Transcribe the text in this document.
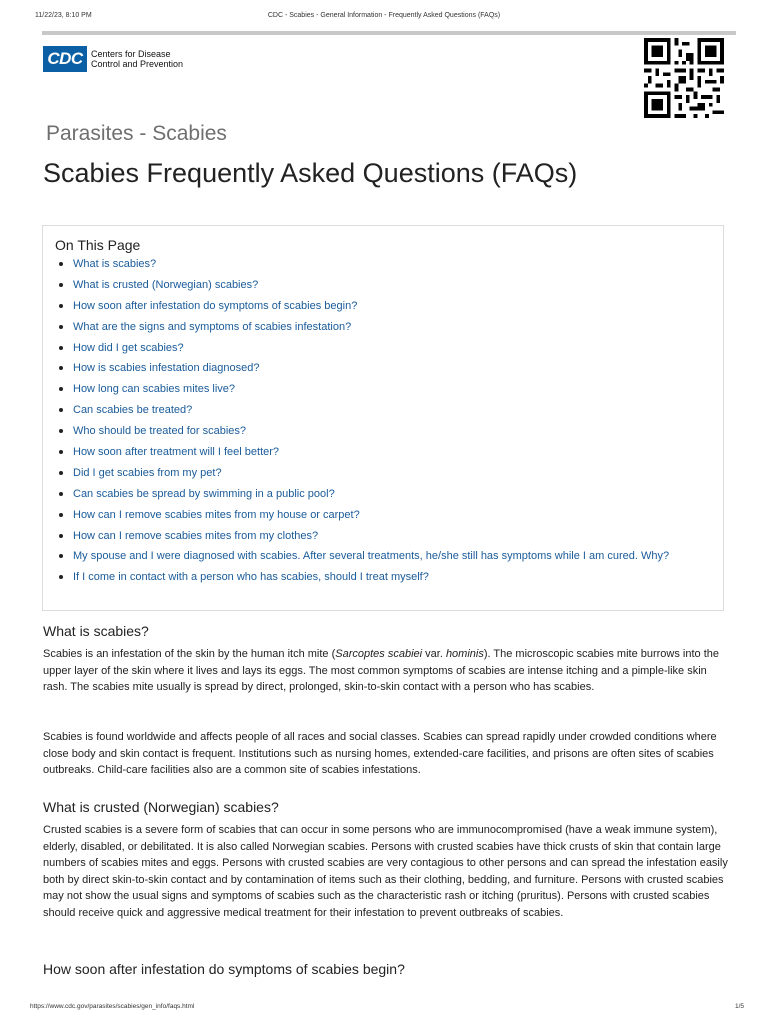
11/22/23, 8:10 PM	CDC - Scabies - General Information - Frequently Asked Questions (FAQs)
CDC Centers for Disease
Control and Prevention
Parasites - Scabies
Scabies Frequently Asked Questions (FAQs)
On This Page
What is scabies?
What is crusted (Norwegian) scabies?
How soon after infestation do symptoms of scabies begin?
What are the signs and symptoms of scabies infestation?
How did I get scabies?
How is scabies infestation diagnosed?
How long can scabies mites live?
Can scabies be treated?
Who should be treated for scabies?
How soon after treatment will I feel better?
Did I get scabies from my pet?
Can scabies be spread by swimming in a public pool?
How can I remove scabies mites from my house or carpet?
How can I remove scabies mites from my clothes?
My spouse and I were diagnosed with scabies. After several treatments, he/she still has symptoms while I am cured. Why?
If I come in contact with a person who has scabies, should I treat myself?
What is scabies?

Scabies is an infestation of the skin by the human itch mite (Sarcoptes scabiei var. hominis). The microscopic scabies mite burrows into the upper layer of the skin where it lives and lays its eggs. The most common symptoms of scabies are intense itching and a pimple-like skin rash. The scabies mite usually is spread by direct, prolonged, skin-to-skin contact with a person who has scabies.

Scabies is found worldwide and affects people of all races and social classes. Scabies can spread rapidly under crowded conditions where close body and skin contact is frequent. Institutions such as nursing homes, extended-care facilities, and prisons are often sites of scabies outbreaks. Child-care facilities also are a common site of scabies infestations.

What is crusted (Norwegian) scabies?

Crusted scabies is a severe form of scabies that can occur in some persons who are immunocompromised (have a weak immune system), elderly, disabled, or debilitated. It is also called Norwegian scabies. Persons with crusted scabies have thick crusts of skin that contain large numbers of scabies mites and eggs. Persons with crusted scabies are very contagious to other persons and can spread the infestation easily both by direct skin-to-skin contact and by contamination of items such as their clothing, bedding, and furniture. Persons with crusted scabies may not show the usual signs and symptoms of scabies such as the characteristic rash or itching (pruritus). Persons with crusted scabies should receive quick and aggressive medical treatment for their infestation to prevent outbreaks of scabies.

How soon after infestation do symptoms of scabies begin?
https://www.cdc.gov/parasites/scabies/gen_info/faqs.html	1/5
